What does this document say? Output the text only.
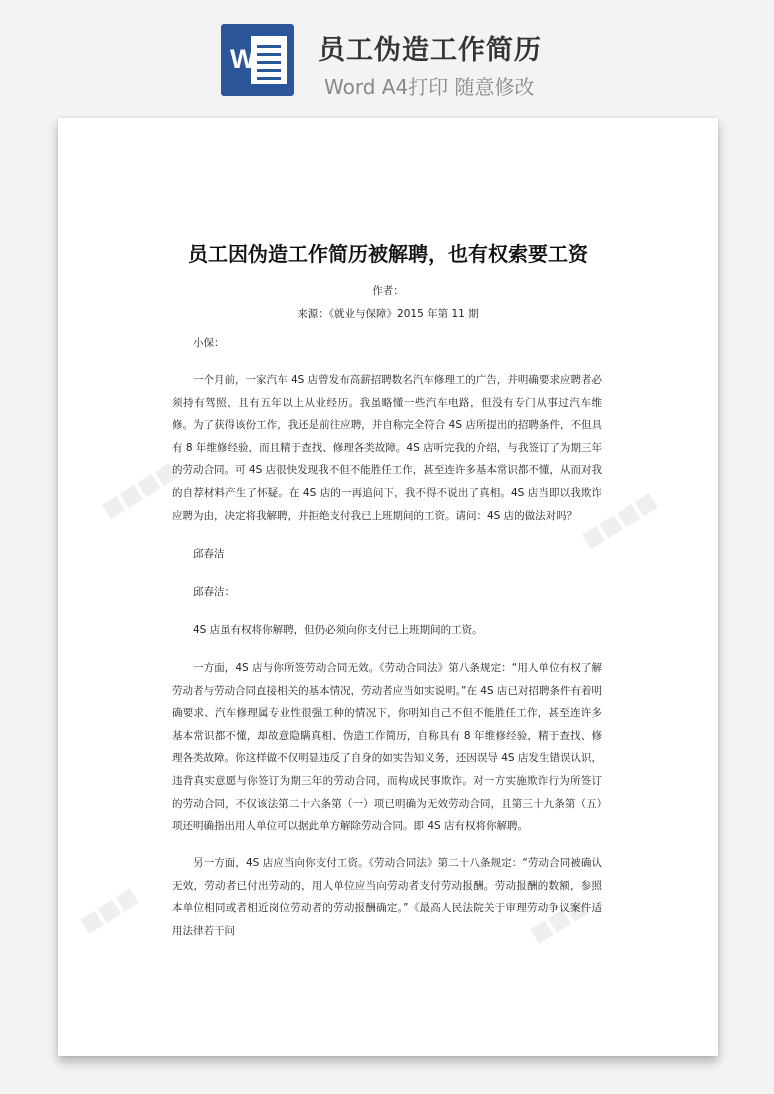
W 员工伪造工作简历
Word A4打印 随意修改
■■■■	■■■■
■■■	■■■
员工因伪造工作简历被解聘，也有权索要工资
作者：
来源：《就业与保障》2015 年第 11 期
小保：
一个月前，一家汽车 4S 店曾发布高薪招聘数名汽车修理工的广告，并明确要求应聘者必须持有驾照，且有五年以上从业经历。我虽略懂一些汽车电路，但没有专门从事过汽车维修。为了获得该份工作，我还是前往应聘，并自称完全符合 4S 店所提出的招聘条件，不但具有 8 年维修经验，而且精于查找、修理各类故障。4S 店听完我的介绍，与我签订了为期三年的劳动合同。可 4S 店很快发现我不但不能胜任工作，甚至连许多基本常识都不懂，从而对我的自荐材料产生了怀疑。在 4S 店的一再追问下，我不得不说出了真相。4S 店当即以我欺诈应聘为由，决定将我解聘，并拒绝支付我已上班期间的工资。请问：4S 店的做法对吗？
邱春洁
邱春洁：
4S 店虽有权将你解聘，但仍必须向你支付已上班期间的工资。
一方面，4S 店与你所签劳动合同无效。《劳动合同法》第八条规定：“用人单位有权了解劳动者与劳动合同直接相关的基本情况，劳动者应当如实说明。”在 4S 店已对招聘条件有着明确要求、汽车修理属专业性很强工种的情况下，你明知自己不但不能胜任工作，甚至连许多基本常识都不懂，却故意隐瞒真相、伪造工作简历，自称具有 8 年维修经验，精于查找、修理各类故障。你这样做不仅明显违反了自身的如实告知义务，还因误导 4S 店发生错误认识，违背真实意愿与你签订为期三年的劳动合同，而构成民事欺诈。对一方实施欺诈行为所签订的劳动合同，不仅该法第二十六条第（一）项已明确为无效劳动合同，且第三十九条第（五）项还明确指出用人单位可以据此单方解除劳动合同。即 4S 店有权将你解聘。
另一方面，4S 店应当向你支付工资。《劳动合同法》第二十八条规定：“劳动合同被确认无效，劳动者已付出劳动的，用人单位应当向劳动者支付劳动报酬。劳动报酬的数额，参照本单位相同或者相近岗位劳动者的劳动报酬确定。”《最高人民法院关于审理劳动争议案件适用法律若干问
